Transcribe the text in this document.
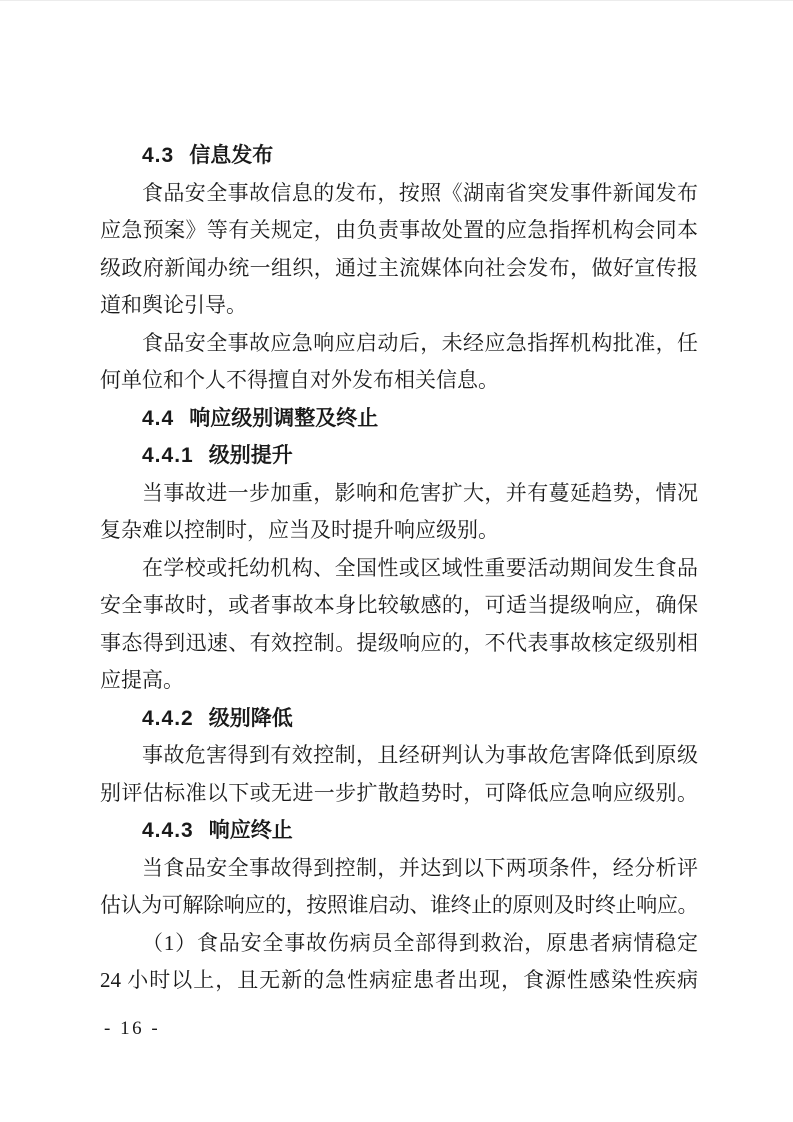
4.3 信息发布
食品安全事故信息的发布，按照《湖南省突发事件新闻发布
应急预案》等有关规定，由负责事故处置的应急指挥机构会同本
级政府新闻办统一组织，通过主流媒体向社会发布，做好宣传报
道和舆论引导。
食品安全事故应急响应启动后，未经应急指挥机构批准，任
何单位和个人不得擅自对外发布相关信息。
4.4 响应级别调整及终止
4.4.1 级别提升
当事故进一步加重，影响和危害扩大，并有蔓延趋势，情况
复杂难以控制时，应当及时提升响应级别。
在学校或托幼机构、全国性或区域性重要活动期间发生食品
安全事故时，或者事故本身比较敏感的，可适当提级响应，确保
事态得到迅速、有效控制。提级响应的，不代表事故核定级别相
应提高。
4.4.2 级别降低
事故危害得到有效控制，且经研判认为事故危害降低到原级
别评估标准以下或无进一步扩散趋势时，可降低应急响应级别。
4.4.3 响应终止
当食品安全事故得到控制，并达到以下两项条件，经分析评
估认为可解除响应的，按照谁启动、谁终止的原则及时终止响应。
（1）食品安全事故伤病员全部得到救治，原患者病情稳定
24 小时以上，且无新的急性病症患者出现，食源性感染性疾病
- 16 -
